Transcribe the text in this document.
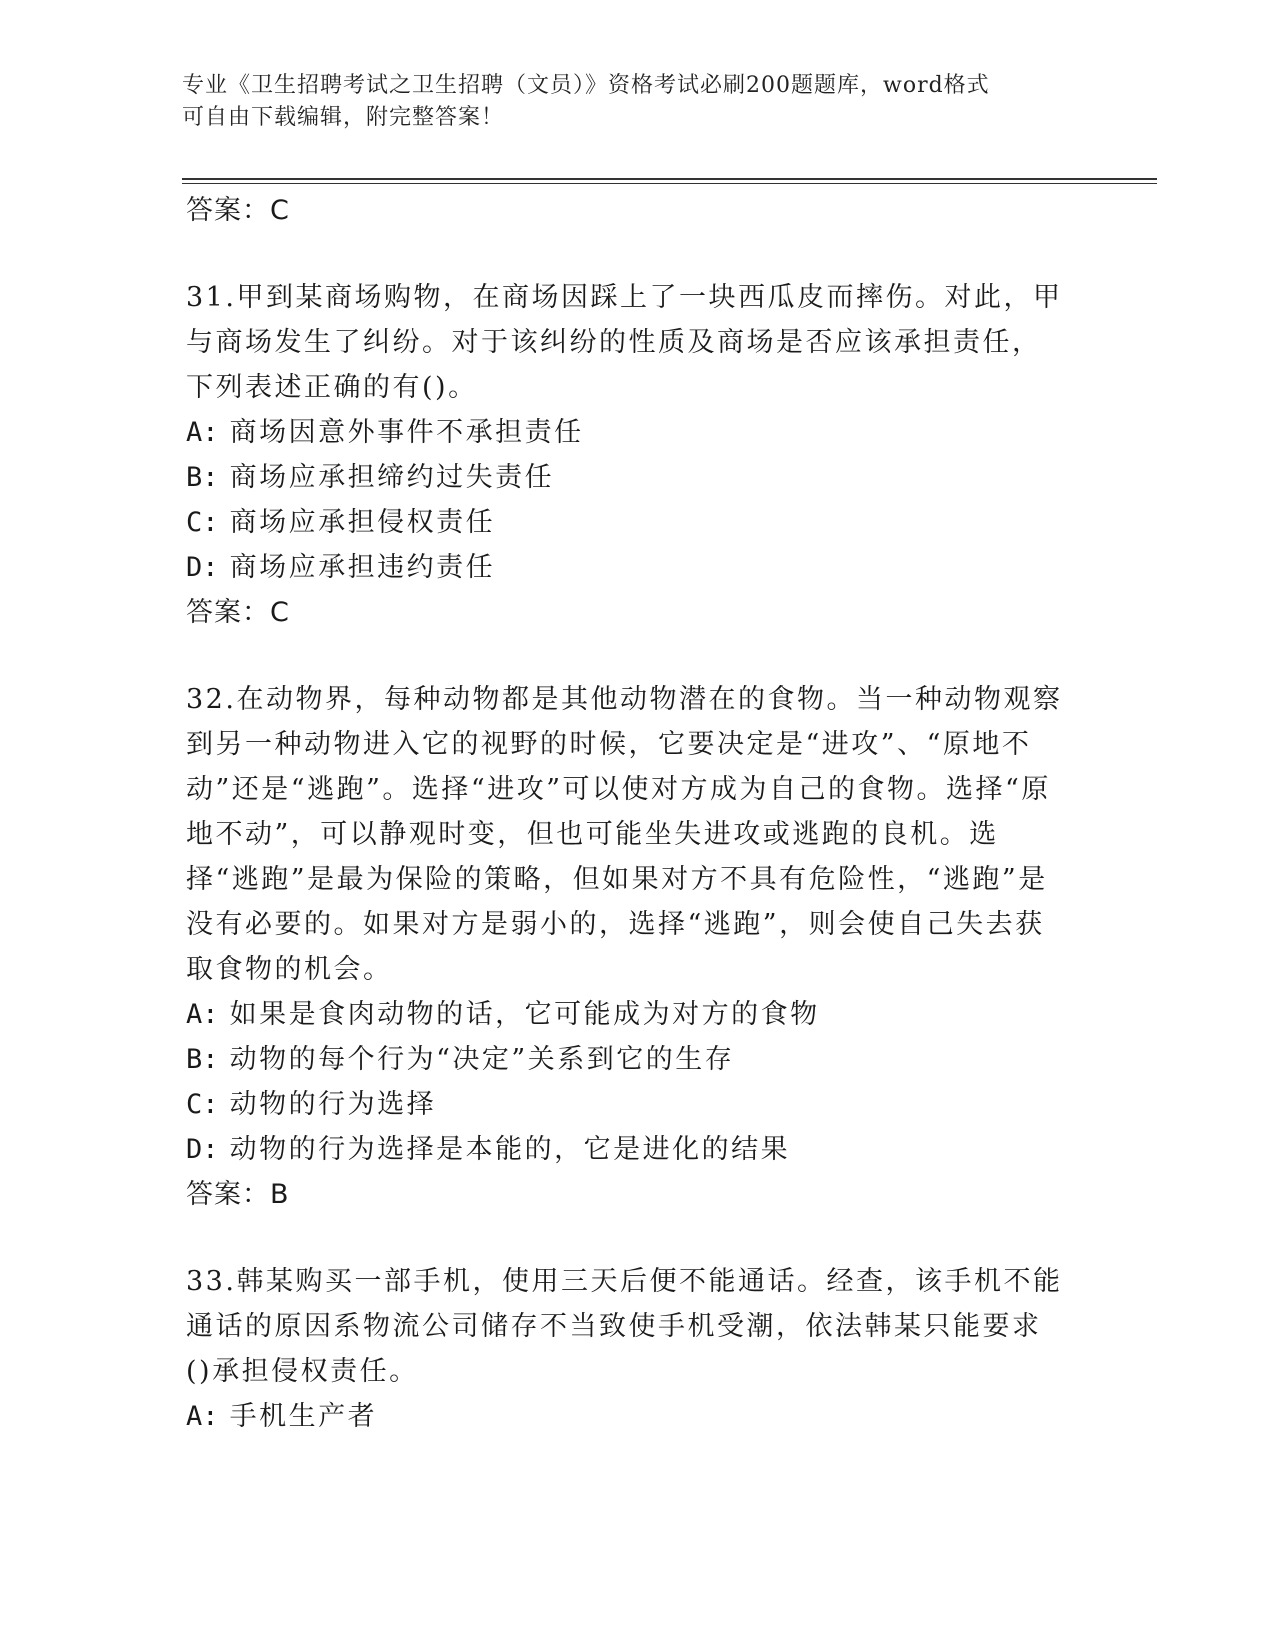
专业《卫生招聘考试之卫生招聘（文员）》资格考试必刷200题题库，word格式
可自由下载编辑，附完整答案！
答案：C

31.甲到某商场购物，在商场因踩上了一块西瓜皮而摔伤。对此，甲与商场发生了纠纷。对于该纠纷的性质及商场是否应该承担责任，下列表述正确的有()。

A: 商场因意外事件不承担责任
B: 商场应承担缔约过失责任
C: 商场应承担侵权责任
D: 商场应承担违约责任
答案：C

32.在动物界，每种动物都是其他动物潜在的食物。当一种动物观察到另一种动物进入它的视野的时候，它要决定是“进攻”、“原地不动”还是“逃跑”。选择“进攻”可以使对方成为自己的食物。选择“原地不动”，可以静观时变，但也可能坐失进攻或逃跑的良机。选择“逃跑”是最为保险的策略，但如果对方不具有危险性，“逃跑”是没有必要的。如果对方是弱小的，选择“逃跑”，则会使自己失去获取食物的机会。

A: 如果是食肉动物的话，它可能成为对方的食物
B: 动物的每个行为“决定”关系到它的生存
C: 动物的行为选择
D: 动物的行为选择是本能的，它是进化的结果
答案：B

33.韩某购买一部手机，使用三天后便不能通话。经查，该手机不能通话的原因系物流公司储存不当致使手机受潮，依法韩某只能要求()承担侵权责任。

A: 手机生产者
